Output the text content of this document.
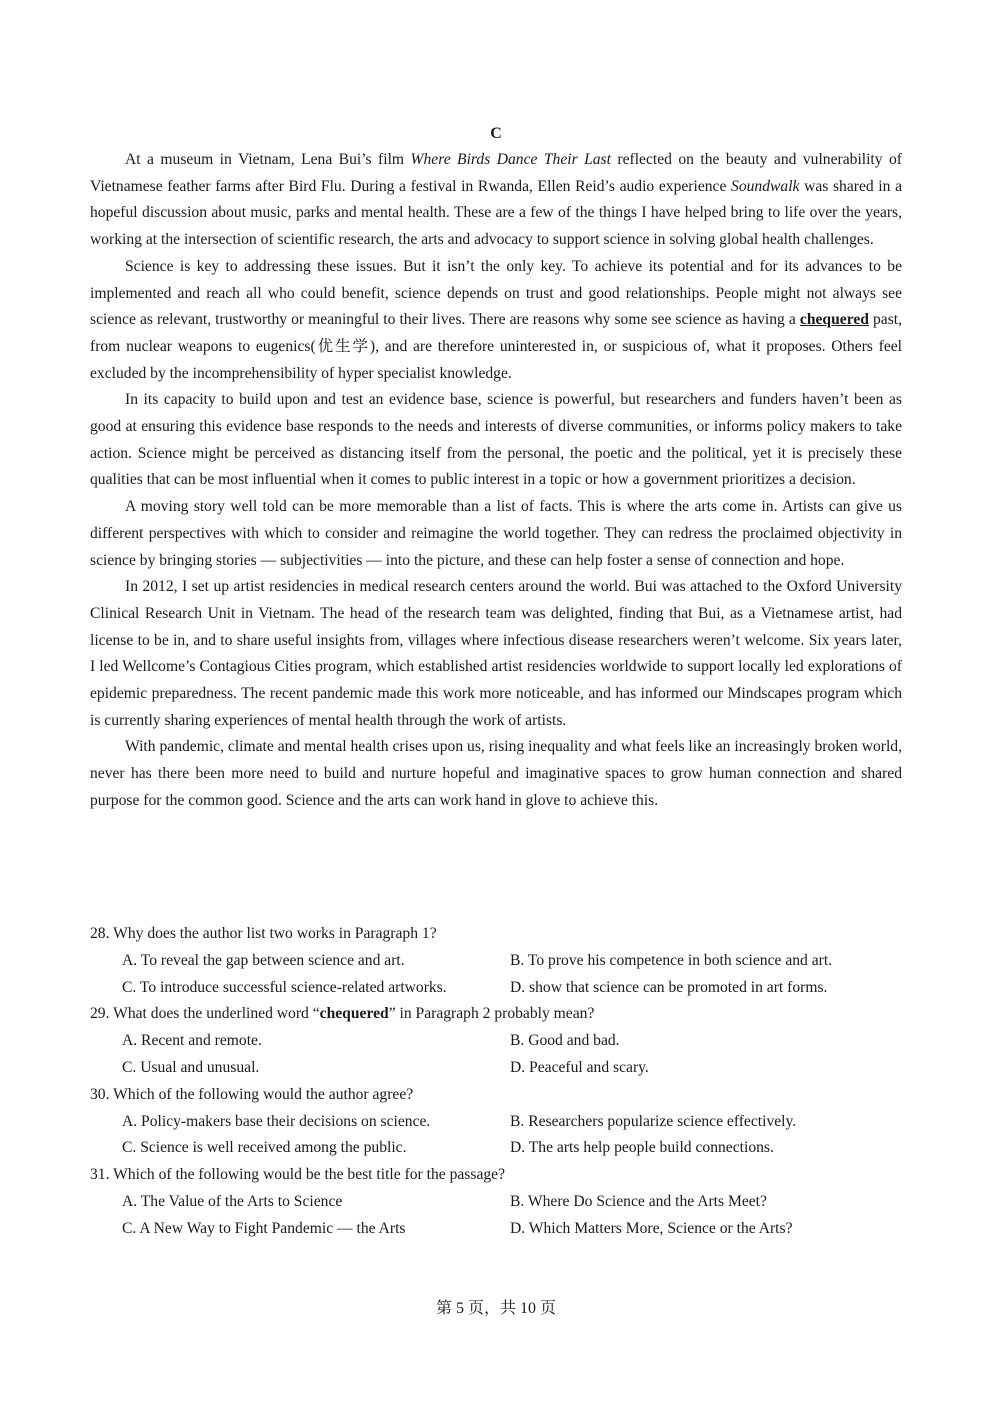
C

At a museum in Vietnam, Lena Bui’s film Where Birds Dance Their Last reflected on the beauty and vulnerability of Vietnamese feather farms after Bird Flu. During a festival in Rwanda, Ellen Reid’s audio experience Soundwalk was shared in a hopeful discussion about music, parks and mental health. These are a few of the things I have helped bring to life over the years, working at the intersection of scientific research, the arts and advocacy to support science in solving global health challenges.

Science is key to addressing these issues. But it isn’t the only key. To achieve its potential and for its advances to be implemented and reach all who could benefit, science depends on trust and good relationships. People might not always see science as relevant, trustworthy or meaningful to their lives. There are reasons why some see science as having a chequered past, from nuclear weapons to eugenics(优生学), and are therefore uninterested in, or suspicious of, what it proposes. Others feel excluded by the incomprehensibility of hyper specialist knowledge.

In its capacity to build upon and test an evidence base, science is powerful, but researchers and funders haven’t been as good at ensuring this evidence base responds to the needs and interests of diverse communities, or informs policy makers to take action. Science might be perceived as distancing itself from the personal, the poetic and the political, yet it is precisely these qualities that can be most influential when it comes to public interest in a topic or how a government prioritizes a decision.

A moving story well told can be more memorable than a list of facts. This is where the arts come in. Artists can give us different perspectives with which to consider and reimagine the world together. They can redress the proclaimed objectivity in science by bringing stories — subjectivities — into the picture, and these can help foster a sense of connection and hope.

In 2012, I set up artist residencies in medical research centers around the world. Bui was attached to the Oxford University Clinical Research Unit in Vietnam. The head of the research team was delighted, finding that Bui, as a Vietnamese artist, had license to be in, and to share useful insights from, villages where infectious disease researchers weren’t welcome. Six years later, I led Wellcome’s Contagious Cities program, which established artist residencies worldwide to support locally led explorations of epidemic preparedness. The recent pandemic made this work more noticeable, and has informed our Mindscapes program which is currently sharing experiences of mental health through the work of artists.

With pandemic, climate and mental health crises upon us, rising inequality and what feels like an increasingly broken world, never has there been more need to build and nurture hopeful and imaginative spaces to grow human connection and shared purpose for the common good. Science and the arts can work hand in glove to achieve this.

28. Why does the author list two works in Paragraph 1?

A. To reveal the gap between science and art.	B. To prove his competence in both science and art.
C. To introduce successful science-related artworks.	D. show that science can be promoted in art forms.

29. What does the underlined word “chequered” in Paragraph 2 probably mean?

A. Recent and remote.	B. Good and bad.
C. Usual and unusual.	D. Peaceful and scary.

30. Which of the following would the author agree?

A. Policy-makers base their decisions on science.	B. Researchers popularize science effectively.
C. Science is well received among the public.	D. The arts help people build connections.

31. Which of the following would be the best title for the passage?

A. The Value of the Arts to Science	B. Where Do Science and the Arts Meet?
C. A New Way to Fight Pandemic — the Arts	D. Which Matters More, Science or the Arts?
第 5 页，共 10 页
